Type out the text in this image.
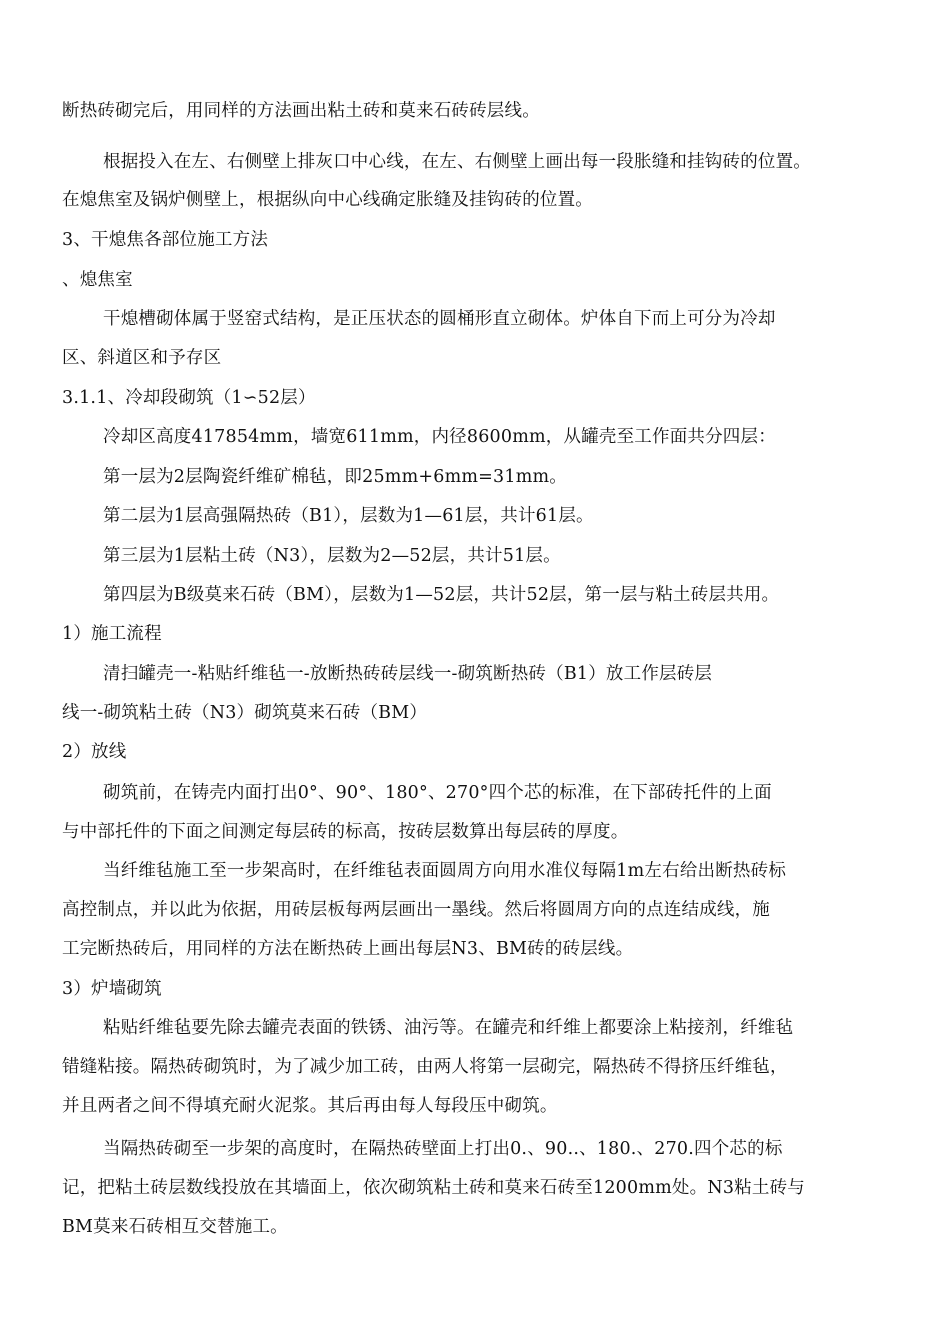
断热砖砌完后，用同样的方法画出粘土砖和莫来石砖砖层线。
根据投入在左、右侧壁上排灰口中心线，在左、右侧壁上画出每一段胀缝和挂钩砖的位置。
在熄焦室及锅炉侧壁上，根据纵向中心线确定胀缝及挂钩砖的位置。
3、干熄焦各部位施工方法
、熄焦室
干熄槽砌体属于竖窑式结构，是正压状态的圆桶形直立砌体。炉体自下而上可分为冷却
区、斜道区和予存区
3.1.1、冷却段砌筑（1∽52层）
冷却区高度417854mm，墙宽611mm，内径8600mm，从罐壳至工作面共分四层：
第一层为2层陶瓷纤维矿棉毡，即25mm+6mm=31mm。
第二层为1层高强隔热砖（B1），层数为1—61层，共计61层。
第三层为1层粘土砖（N3），层数为2—52层，共计51层。
第四层为B级莫来石砖（BM），层数为1—52层，共计52层，第一层与粘土砖层共用。
1）施工流程
清扫罐壳一-粘贴纤维毡一-放断热砖砖层线一-砌筑断热砖（B1）放工作层砖层
线一-砌筑粘土砖（N3）砌筑莫来石砖（BM）
2）放线
砌筑前，在铸壳内面打出0°、90°、180°、270°四个芯的标准，在下部砖托件的上面
与中部托件的下面之间测定每层砖的标高，按砖层数算出每层砖的厚度。
当纤维毡施工至一步架高时，在纤维毡表面圆周方向用水准仪每隔1m左右给出断热砖标
高控制点，并以此为依据，用砖层板每两层画出一墨线。然后将圆周方向的点连结成线，施
工完断热砖后，用同样的方法在断热砖上画出每层N3、BM砖的砖层线。
3）炉墙砌筑
粘贴纤维毡要先除去罐壳表面的铁锈、油污等。在罐壳和纤维上都要涂上粘接剂，纤维毡
错缝粘接。隔热砖砌筑时，为了减少加工砖，由两人将第一层砌完，隔热砖不得挤压纤维毡，
并且两者之间不得填充耐火泥浆。其后再由每人每段压中砌筑。
当隔热砖砌至一步架的高度时，在隔热砖壁面上打出0.、90..、180.、270.四个芯的标
记，把粘土砖层数线投放在其墙面上，依次砌筑粘土砖和莫来石砖至1200mm处。N3粘土砖与
BM莫来石砖相互交替施工。
